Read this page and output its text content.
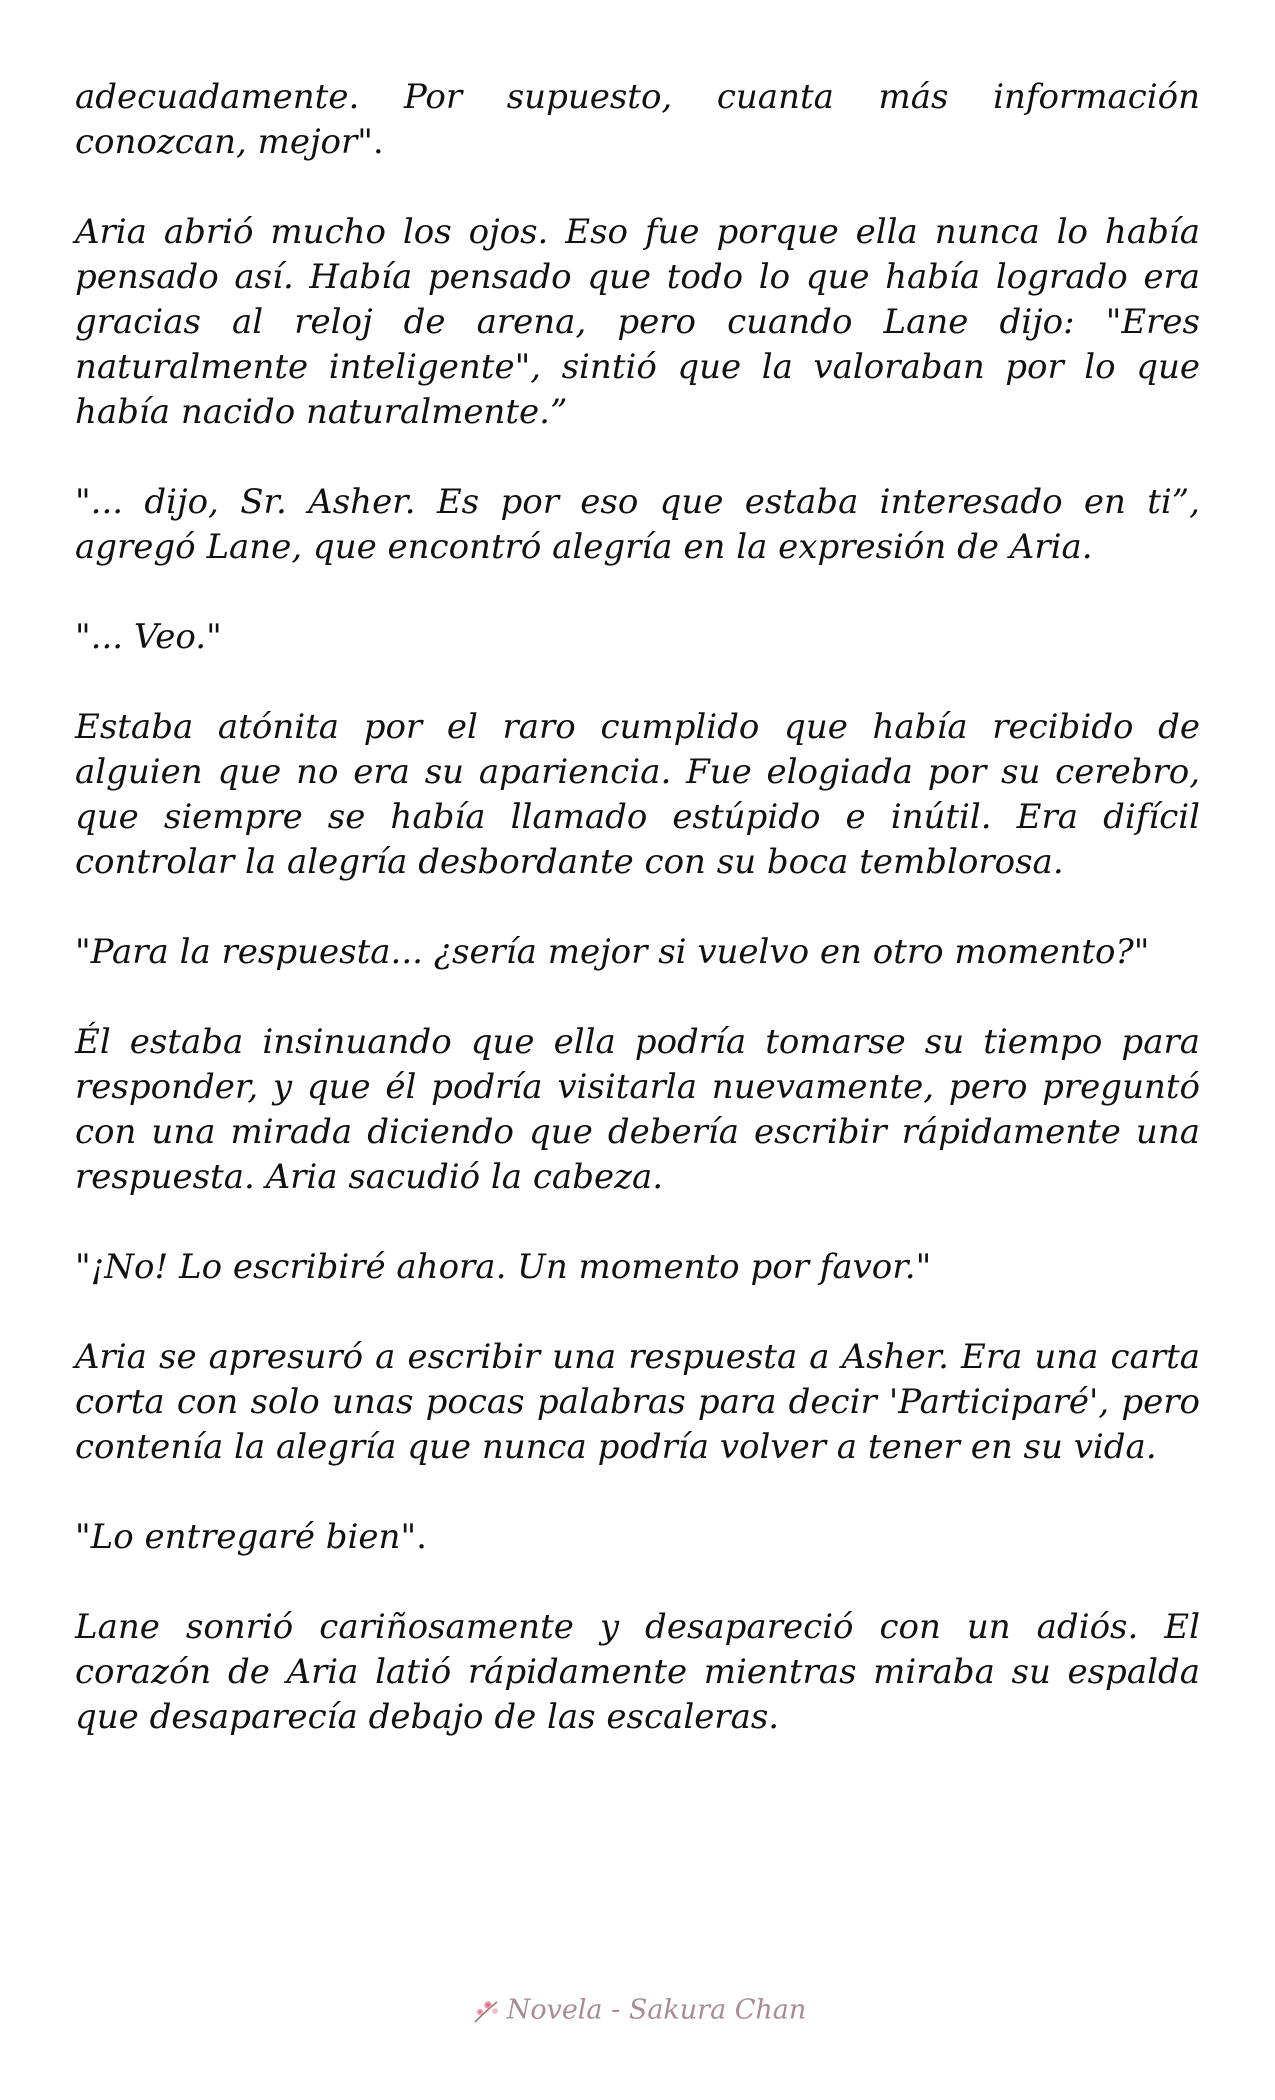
adecuadamente. Por supuesto, cuanta más información conozcan, mejor".

Aria abrió mucho los ojos. Eso fue porque ella nunca lo había pensado así. Había pensado que todo lo que había logrado era gracias al reloj de arena, pero cuando Lane dijo: "Eres naturalmente inteligente", sintió que la valoraban por lo que había nacido naturalmente.”

"... dijo, Sr. Asher. Es por eso que estaba interesado en ti”, agregó Lane, que encontró alegría en la expresión de Aria.

"... Veo."

Estaba atónita por el raro cumplido que había recibido de alguien que no era su apariencia. Fue elogiada por su cerebro, que siempre se había llamado estúpido e inútil. Era difícil controlar la alegría desbordante con su boca temblorosa.

"Para la respuesta... ¿sería mejor si vuelvo en otro momento?"

Él estaba insinuando que ella podría tomarse su tiempo para responder, y que él podría visitarla nuevamente, pero preguntó con una mirada diciendo que debería escribir rápidamente una respuesta. Aria sacudió la cabeza.

"¡No! Lo escribiré ahora. Un momento por favor."

Aria se apresuró a escribir una respuesta a Asher. Era una carta corta con solo unas pocas palabras para decir 'Participaré', pero contenía la alegría que nunca podría volver a tener en su vida.

"Lo entregaré bien".

Lane sonrió cariñosamente y desapareció con un adiós. El corazón de Aria latió rápidamente mientras miraba su espalda que desaparecía debajo de las escaleras.

Novela - Sakura Chan
